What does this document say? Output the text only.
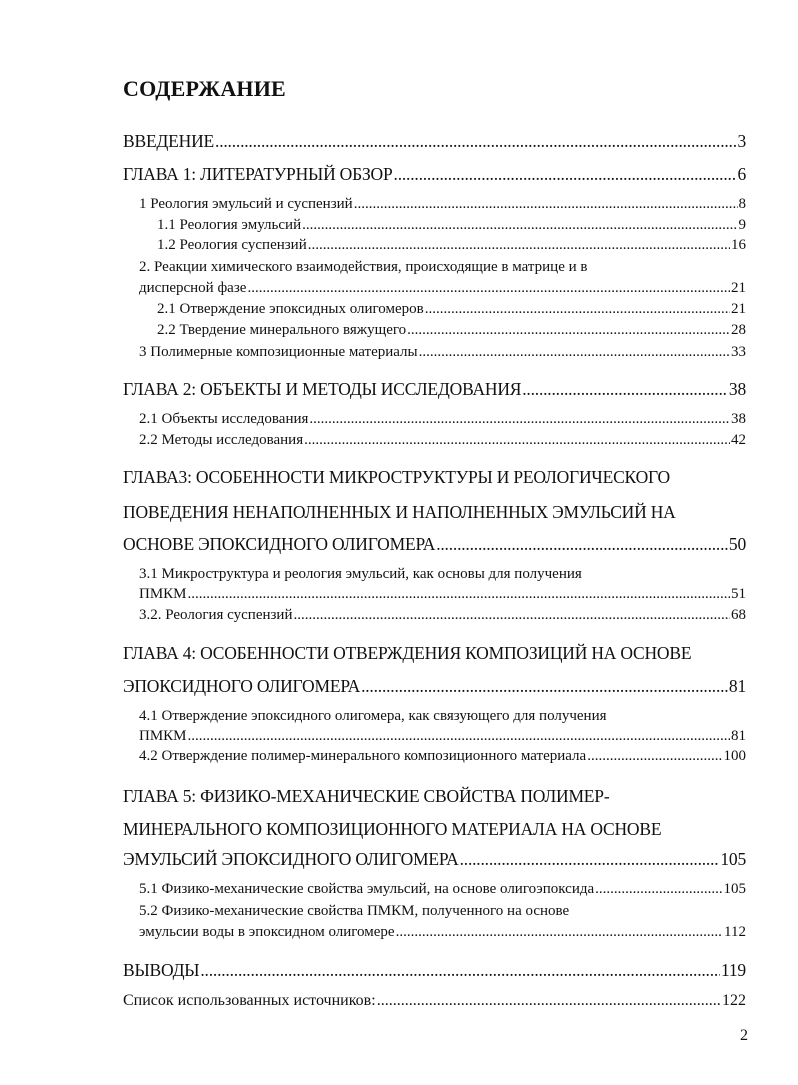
СОДЕРЖАНИЕ
ВВЕДЕНИЕ .....	3
ГЛАВА 1: ЛИТЕРАТУРНЫЙ ОБЗОР .....	6
1 Реология эмульсий и суспензий .....	8
1.1 Реология эмульсий .....	9
1.2 Реология суспензий .....	16
2. Реакции химического взаимодействия, происходящие в матрице и в
дисперсной фазе .....	21
2.1 Отверждение эпоксидных олигомеров .....	21
2.2 Твердение минерального вяжущего .....	28
3 Полимерные композиционные материалы .....	33
ГЛАВА 2: ОБЪЕКТЫ И МЕТОДЫ ИССЛЕДОВАНИЯ .....	38
2.1 Объекты исследования .....	38
2.2 Методы исследования .....	42
ГЛАВА3: ОСОБЕННОСТИ МИКРОСТРУКТУРЫ И РЕОЛОГИЧЕСКОГО
ПОВЕДЕНИЯ НЕНАПОЛНЕННЫХ И НАПОЛНЕННЫХ ЭМУЛЬСИЙ НА
ОСНОВЕ ЭПОКСИДНОГО ОЛИГОМЕРА .....	50
3.1 Микроструктура и реология эмульсий, как основы для получения
ПМКМ .....	51
3.2. Реология суспензий .....	68
ГЛАВА 4: ОСОБЕННОСТИ ОТВЕРЖДЕНИЯ КОМПОЗИЦИЙ НА ОСНОВЕ
ЭПОКСИДНОГО ОЛИГОМЕРА .....	81
4.1 Отверждение эпоксидного олигомера, как связующего для получения
ПМКМ .....	81
4.2 Отверждение полимер-минерального композиционного материала .....	100
ГЛАВА 5: ФИЗИКО-МЕХАНИЧЕСКИЕ СВОЙСТВА ПОЛИМЕР-
МИНЕРАЛЬНОГО КОМПОЗИЦИОННОГО МАТЕРИАЛА НА ОСНОВЕ
ЭМУЛЬСИЙ ЭПОКСИДНОГО ОЛИГОМЕРА .....	105
5.1 Физико-механические свойства эмульсий, на основе олигоэпоксида .....	105
5.2 Физико-механические свойства ПМКМ, полученного на основе
эмульсии воды в эпоксидном олигомере .....	112
ВЫВОДЫ .....	119
Список использованных источников: .....	122
2
